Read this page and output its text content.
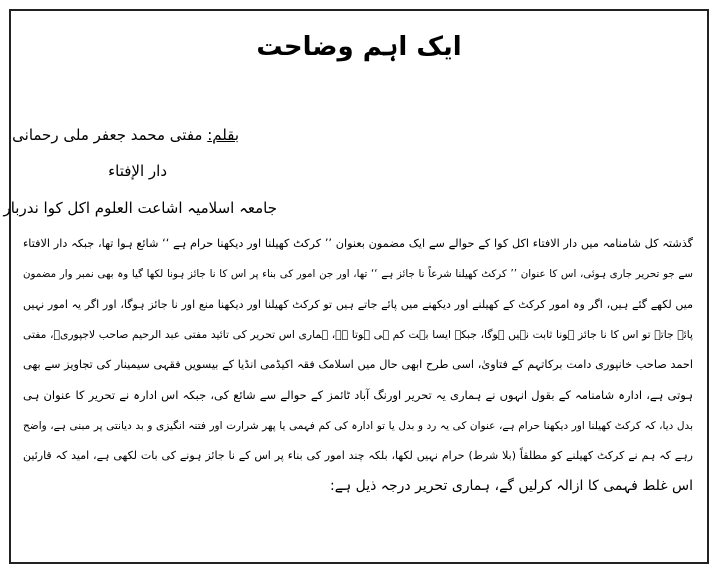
ایک اہم وضاحت
بقلم: مفتی محمد جعفر ملی رحمانی
دار الإفتاء
جامعہ اسلامیہ اشاعت العلوم اکل کوا ندربار
گذشتہ کل شامنامہ میں دار الافتاء اکل کوا کے حوالے سے ایک مضمون بعنوان ’’ کرکٹ کھیلنا اور دیکھنا حرام ہے ‘‘ شائع ہوا تھا، جبکہ دار الافتاء
سے جو تحریر جاری ہوئی، اس کا عنوان ’’ کرکٹ کھیلنا شرعاً نا جائز ہے ‘‘ تھا، اور جن امور کی بناء پر اس کا نا جائز ہونا لکھا گیا وہ بھی نمبر وار مضمون
میں لکھے گئے ہیں، اگر وہ امور کرکٹ کے کھیلنے اور دیکھنے میں پائے جاتے ہیں تو کرکٹ کھیلنا اور دیکھنا منع اور نا جائز ہوگا، اور اگر یہ امور نہیں
پائے جاتے تو اس کا نا جائز ہونا ثابت نہیں ہوگا، جبکہ ایسا بہت کم ہی ہوتا ہے، ہماری اس تحریر کی تائید مفتی عبد الرحیم صاحب لاجپوریؒ، مفتی
احمد صاحب خانپوری دامت برکاتہم کے فتاویٰ، اسی طرح ابھی حال میں اسلامک فقہ اکیڈمی انڈیا کے بیسویں فقہی سیمینار کی تجاویز سے بھی
ہوتی ہے، ادارہ شامنامہ کے بقول انہوں نے ہماری یہ تحریر اورنگ آباد ٹائمز کے حوالے سے شائع کی، جبکہ اس ادارہ نے تحریر کا عنوان ہی
بدل دیا، کہ کرکٹ کھیلنا اور دیکھنا حرام ہے، عنوان کی یہ رد و بدل یا تو ادارہ کی کم فہمی یا پھر شرارت اور فتنہ انگیزی و بد دیانتی پر مبنی ہے، واضح
رہے کہ ہم نے کرکٹ کھیلنے کو مطلقاً (بلا شرط) حرام نہیں لکھا، بلکہ چند امور کی بناء پر اس کے نا جائز ہونے کی بات لکھی ہے، امید کہ قارئین
اس غلط فہمی کا ازالہ کرلیں گے، ہماری تحریر درجہ ذیل ہے:
